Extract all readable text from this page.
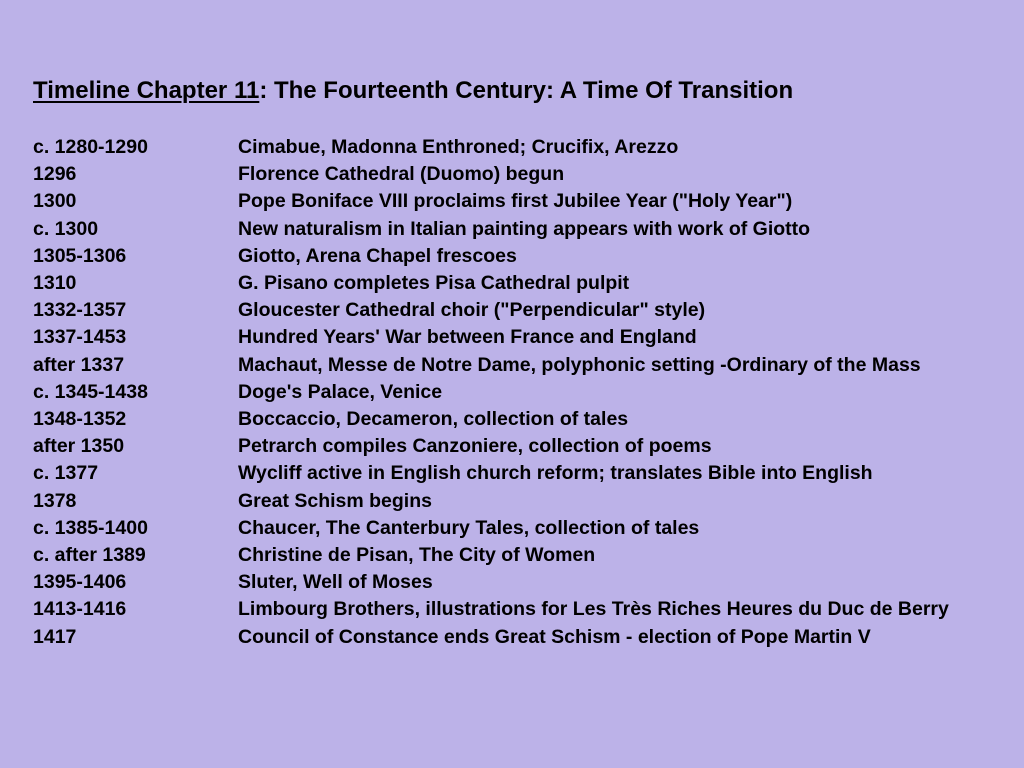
Timeline Chapter 11: The Fourteenth Century: A Time Of Transition
c. 1280-1290	Cimabue, Madonna Enthroned; Crucifix, Arezzo
1296	Florence Cathedral (Duomo) begun
1300	Pope Boniface VIII proclaims first Jubilee Year ("Holy Year")
c. 1300	New naturalism in Italian painting appears with work of Giotto
1305-1306	Giotto, Arena Chapel frescoes
1310	G. Pisano completes Pisa Cathedral pulpit
1332-1357	Gloucester Cathedral choir ("Perpendicular" style)
1337-1453	Hundred Years' War between France and England
after 1337	Machaut, Messe de Notre Dame, polyphonic setting -Ordinary of the Mass
c. 1345-1438	Doge's Palace, Venice
1348-1352	Boccaccio, Decameron, collection of tales
after 1350	Petrarch compiles Canzoniere, collection of poems
c. 1377	Wycliff active in English church reform; translates Bible into English
1378	Great Schism begins
c. 1385-1400	Chaucer, The Canterbury Tales, collection of tales
c. after 1389	Christine de Pisan, The City of Women
1395-1406	Sluter, Well of Moses
1413-1416	Limbourg Brothers, illustrations for Les Très Riches Heures du Duc de Berry
1417	Council of Constance ends Great Schism - election of Pope Martin V
